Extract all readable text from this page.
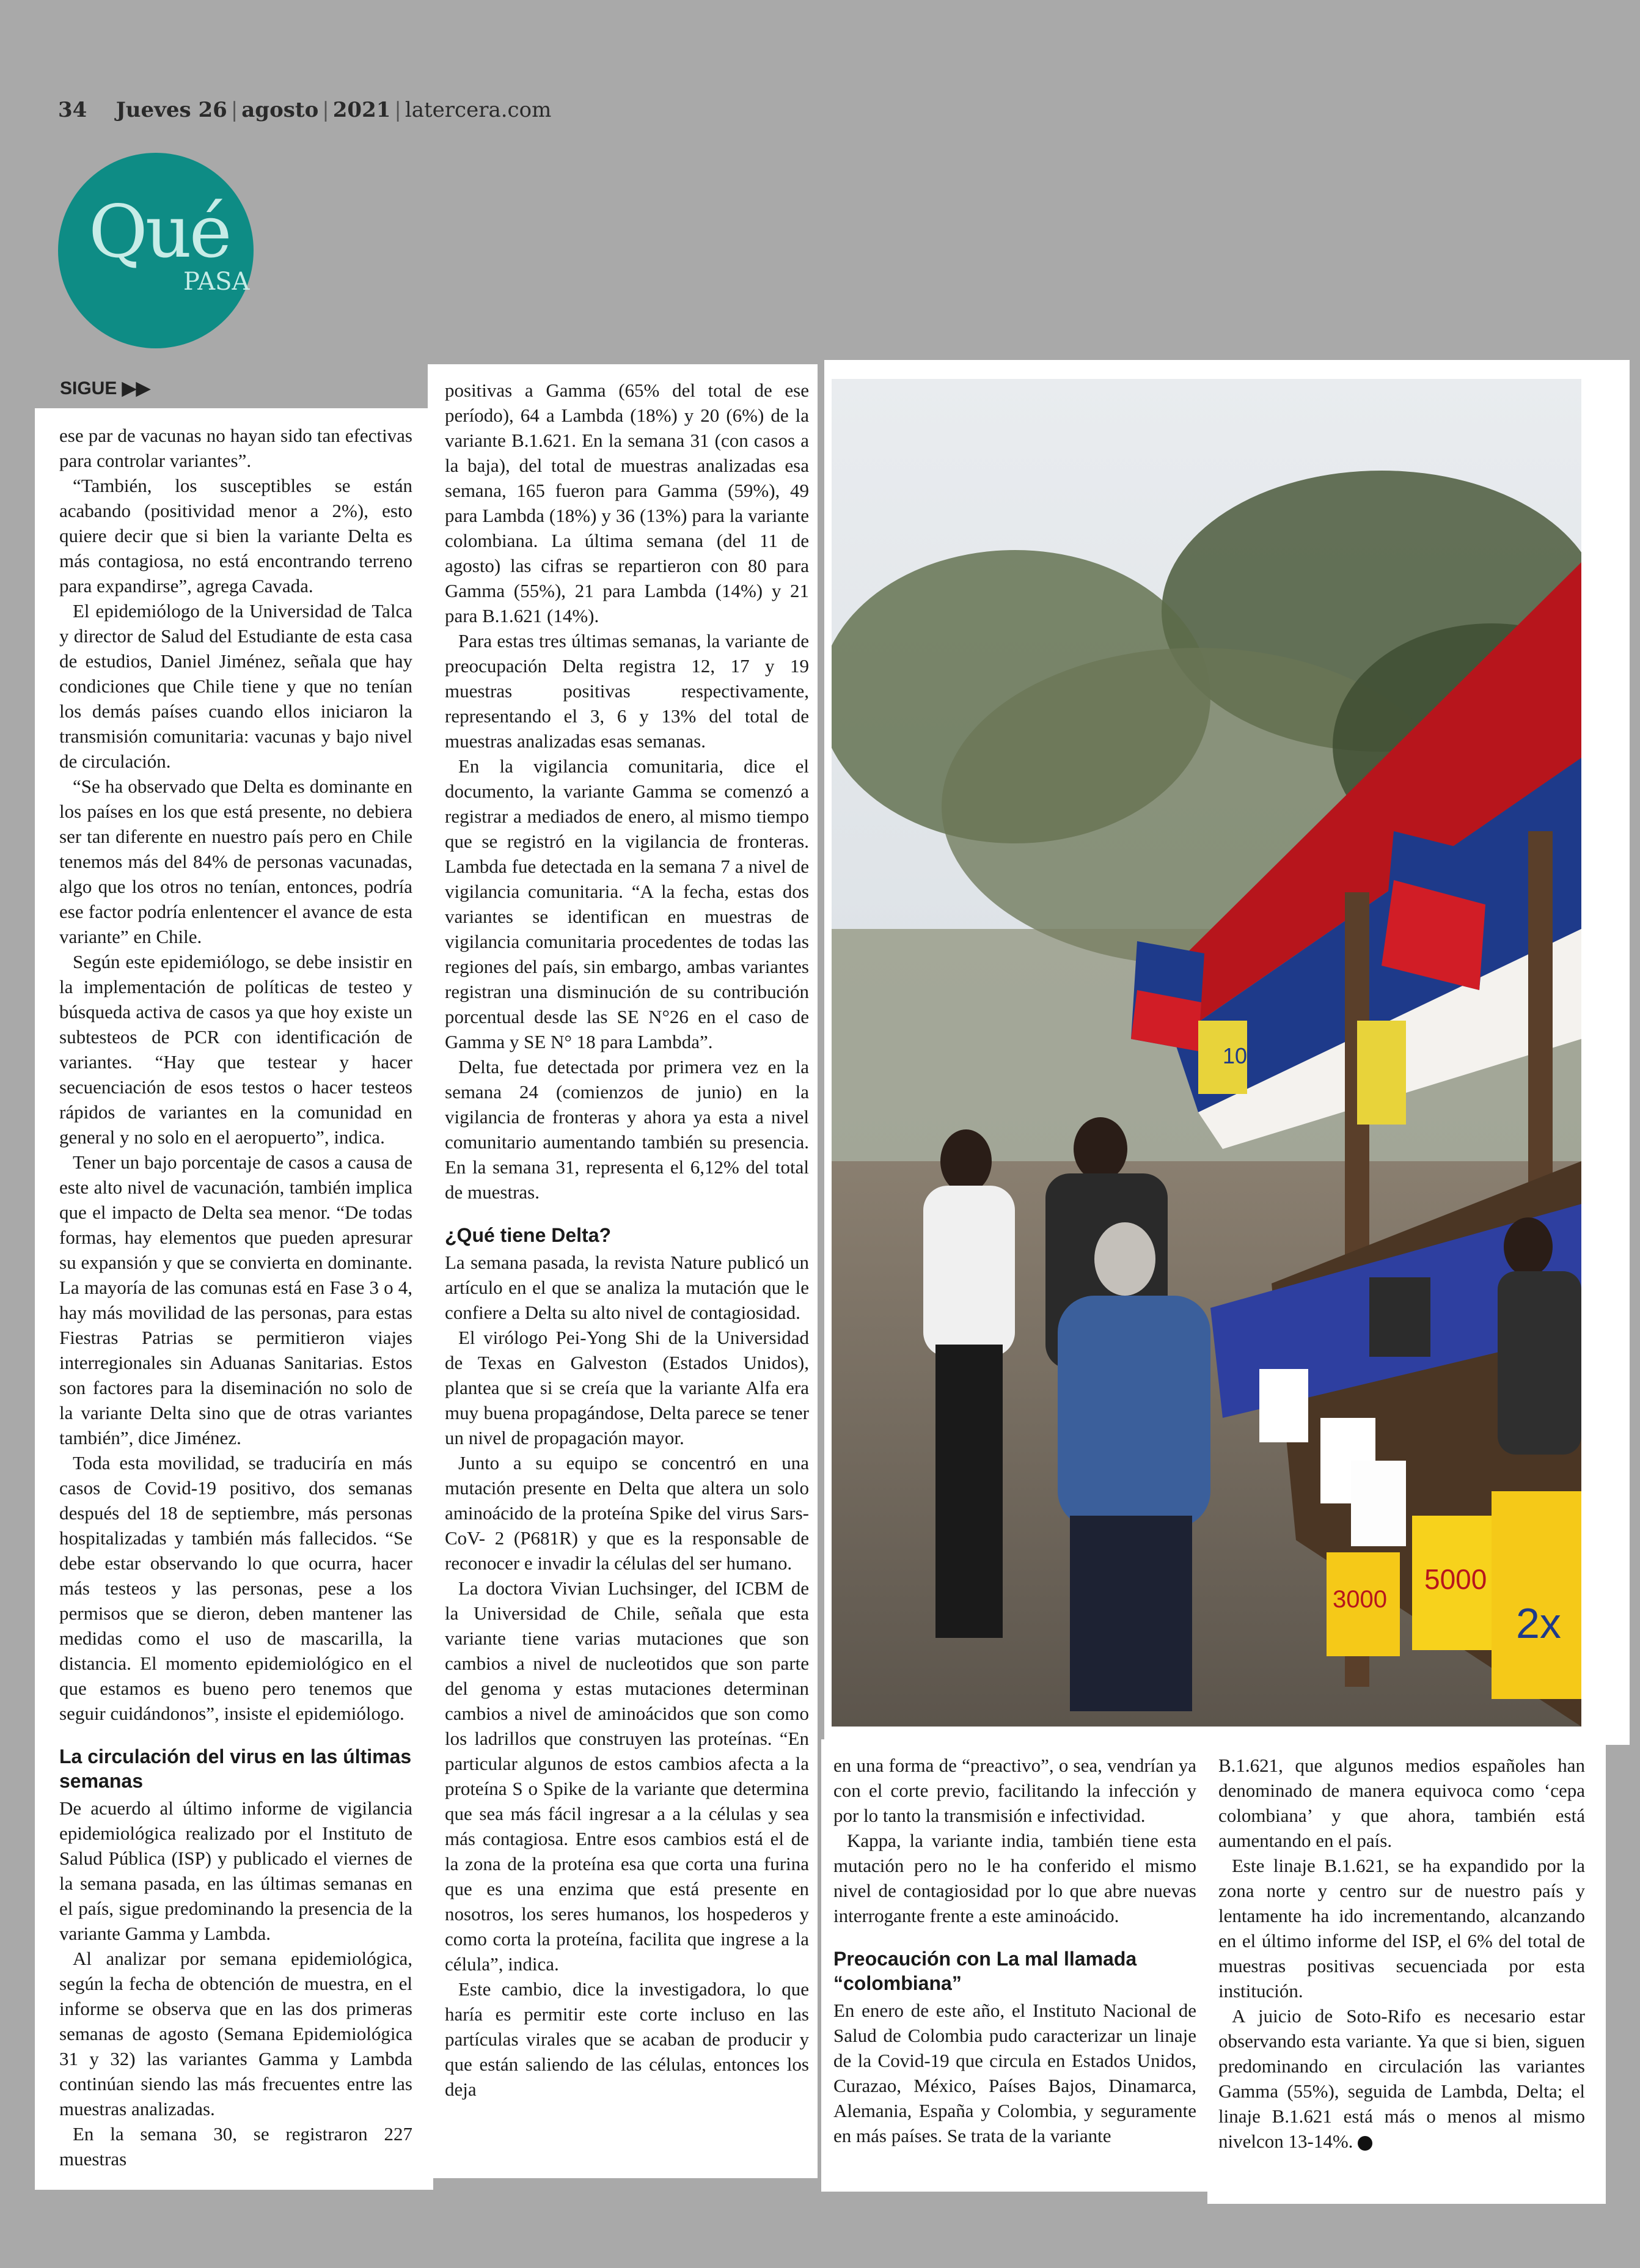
34 Jueves 26 | agosto | 2021 | latercera.com
Qué
PASA
SIGUE ▶▶

ese par de vacunas no hayan sido tan efectivas para controlar variantes”.

“También, los susceptibles se están acabando (positividad menor a 2%), esto quiere decir que si bien la variante Delta es más contagiosa, no está encontrando terreno para expandirse”, agrega Cavada.

El epidemiólogo de la Universidad de Talca y director de Salud del Estudiante de esta casa de estudios, Daniel Jiménez, señala que hay condiciones que Chile tiene y que no tenían los demás países cuando ellos iniciaron la transmisión comunitaria: vacunas y bajo nivel de circulación.

“Se ha observado que Delta es dominante en los países en los que está presente, no debiera ser tan diferente en nuestro país pero en Chile tenemos más del 84% de personas vacunadas, algo que los otros no tenían, entonces, podría ese factor podría enlentencer el avance de esta variante” en Chile.

Según este epidemiólogo, se debe insistir en la implementación de políticas de testeo y búsqueda activa de casos ya que hoy existe un subtesteos de PCR con identificación de variantes. “Hay que testear y hacer secuenciación de esos testos o hacer testeos rápidos de variantes en la comunidad en general y no solo en el aeropuerto”, indica.

Tener un bajo porcentaje de casos a causa de este alto nivel de vacunación, también implica que el impacto de Delta sea menor. “De todas formas, hay elementos que pueden apresurar su expansión y que se convierta en dominante. La mayoría de las comunas está en Fase 3 o 4, hay más movilidad de las personas, para estas Fiestras Patrias se permitieron viajes interregionales sin Aduanas Sanitarias. Estos son factores para la diseminación no solo de la variante Delta sino que de otras variantes también”, dice Jiménez.

Toda esta movilidad, se traduciría en más casos de Covid-19 positivo, dos semanas después del 18 de septiembre, más personas hospitalizadas y también más fallecidos. “Se debe estar observando lo que ocurra, hacer más testeos y las personas, pese a los permisos que se dieron, deben mantener las medidas como el uso de mascarilla, la distancia. El momento epidemiológico en el que estamos es bueno pero tenemos que seguir cuidándonos”, insiste el epidemiólogo.

La circulación del virus en las últimas semanas

De acuerdo al último informe de vigilancia epidemiológica realizado por el Instituto de Salud Pública (ISP) y publicado el viernes de la semana pasada, en las últimas semanas en el país, sigue predominando la presencia de la variante Gamma y Lambda.

Al analizar por semana epidemiológica, según la fecha de obtención de muestra, en el informe se observa que en las dos primeras semanas de agosto (Semana Epidemiológica 31 y 32) las variantes Gamma y Lambda continúan siendo las más frecuentes entre las muestras analizadas.

En la semana 30, se registraron 227 muestras

positivas a Gamma (65% del total de ese período), 64 a Lambda (18%) y 20 (6%) de la variante B.1.621. En la semana 31 (con casos a la baja), del total de muestras analizadas esa semana, 165 fueron para Gamma (59%), 49 para Lambda (18%) y 36 (13%) para la variante colombiana. La última semana (del 11 de agosto) las cifras se repartieron con 80 para Gamma (55%), 21 para Lambda (14%) y 21 para B.1.621 (14%).

Para estas tres últimas semanas, la variante de preocupación Delta registra 12, 17 y 19 muestras positivas respectivamente, representando el 3, 6 y 13% del total de muestras analizadas esas semanas.

En la vigilancia comunitaria, dice el documento, la variante Gamma se comenzó a registrar a mediados de enero, al mismo tiempo que se registró en la vigilancia de fronteras. Lambda fue detectada en la semana 7 a nivel de vigilancia comunitaria. “A la fecha, estas dos variantes se identifican en muestras de vigilancia comunitaria procedentes de todas las regiones del país, sin embargo, ambas variantes registran una disminución de su contribución porcentual desde las SE N°26 en el caso de Gamma y SE N° 18 para Lambda”.

Delta, fue detectada por primera vez en la semana 24 (comienzos de junio) en la vigilancia de fronteras y ahora ya esta a nivel comunitario aumentando también su presencia. En la semana 31, representa el 6,12% del total de muestras.

¿Qué tiene Delta?

La semana pasada, la revista Nature publicó un artículo en el que se analiza la mutación que le confiere a Delta su alto nivel de contagiosidad.

El virólogo Pei-Yong Shi de la Universidad de Texas en Galveston (Estados Unidos), plantea que si se creía que la variante Alfa era muy buena propagándose, Delta parece se tener un nivel de propagación mayor.

Junto a su equipo se concentró en una mutación presente en Delta que altera un solo aminoácido de la proteína Spike del virus Sars-CoV- 2 (P681R) y que es la responsable de reconocer e invadir la células del ser humano.

La doctora Vivian Luchsinger, del ICBM de la Universidad de Chile, señala que esta variante tiene varias mutaciones que son cambios a nivel de nucleotidos que son parte del genoma y estas mutaciones determinan cambios a nivel de aminoácidos que son como los ladrillos que construyen las proteínas. “En particular algunos de estos cambios afecta a la proteína S o Spike de la variante que determina que sea más fácil ingresar a a la células y sea más contagiosa. Entre esos cambios está el de la zona de la proteína esa que corta una furina que es una enzima que está presente en nosotros, los seres humanos, los hospederos y como corta la proteína, facilita que ingrese a la célula”, indica.

Este cambio, dice la investigadora, lo que haría es permitir este corte incluso en las partículas virales que se acaban de producir y que están saliendo de las células, entonces los deja

1000
5000
3000	2x

en una forma de “preactivo”, o sea, vendrían ya con el corte previo, facilitando la infección y por lo tanto la transmisión e infectividad.

Kappa, la variante india, también tiene esta mutación pero no le ha conferido el mismo nivel de contagiosidad por lo que abre nuevas interrogante frente a este aminoácido.

Preocaución con La mal llamada “colombiana”

En enero de este año, el Instituto Nacional de Salud de Colombia pudo caracterizar un linaje de la Covid-19 que circula en Estados Unidos, Curazao, México, Países Bajos, Dinamarca, Alemania, España y Colombia, y seguramente en más países. Se trata de la variante

B.1.621, que algunos medios españoles han denominado de manera equivoca como ‘cepa colombiana’ y que ahora, también está aumentando en el país.

Este linaje B.1.621, se ha expandido por la zona norte y centro sur de nuestro país y lentamente ha ido incrementando, alcanzando en el último informe del ISP, el 6% del total de muestras positivas secuenciada por esta institución.

A juicio de Soto-Rifo es necesario estar observando esta variante. Ya que si bien, siguen predominando en circulación las variantes Gamma (55%), seguida de Lambda, Delta; el linaje B.1.621 está más o menos al mismo nivelcon 13-14%.
